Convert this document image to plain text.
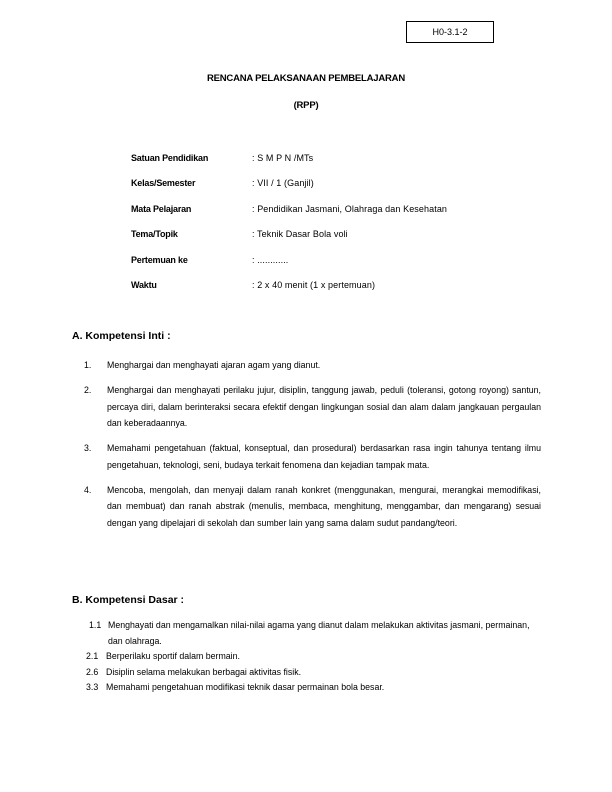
H0-3.1-2
RENCANA PELAKSANAAN PEMBELAJARAN
(RPP)
Satuan Pendidikan	: S M P N /MTs
Kelas/Semester	: VII / 1 (Ganjil)
Mata Pelajaran	: Pendidikan Jasmani, Olahraga dan Kesehatan
Tema/Topik	: Teknik Dasar Bola voli
Pertemuan ke	: ............
Waktu	: 2 x 40 menit (1 x pertemuan)
A. Kompetensi Inti :
1. Menghargai dan menghayati ajaran agam yang dianut.
2. Menghargai dan menghayati perilaku jujur, disiplin, tanggung jawab, peduli (toleransi, gotong royong) santun, percaya diri, dalam berinteraksi secara efektif dengan lingkungan sosial dan alam dalam jangkauan pergaulan dan keberadaannya.
3. Memahami pengetahuan (faktual, konseptual, dan prosedural) berdasarkan rasa ingin tahunya tentang ilmu pengetahuan, teknologi, seni, budaya terkait fenomena dan kejadian tampak mata.
4. Mencoba, mengolah, dan menyaji dalam ranah konkret (menggunakan, mengurai, merangkai memodifikasi, dan membuat) dan ranah abstrak (menulis, membaca, menghitung, menggambar, dan mengarang) sesuai dengan yang dipelajari di sekolah dan sumber lain yang sama dalam sudut pandang/teori.
B. Kompetensi Dasar :
1.1 Menghayati dan mengamalkan nilai-nilai agama yang dianut dalam melakukan aktivitas jasmani, permainan, dan olahraga.
2.1 Berperilaku sportif dalam bermain.
2.6 Disiplin selama melakukan berbagai aktivitas fisik.
3.3 Memahami pengetahuan modifikasi teknik dasar permainan bola besar.
